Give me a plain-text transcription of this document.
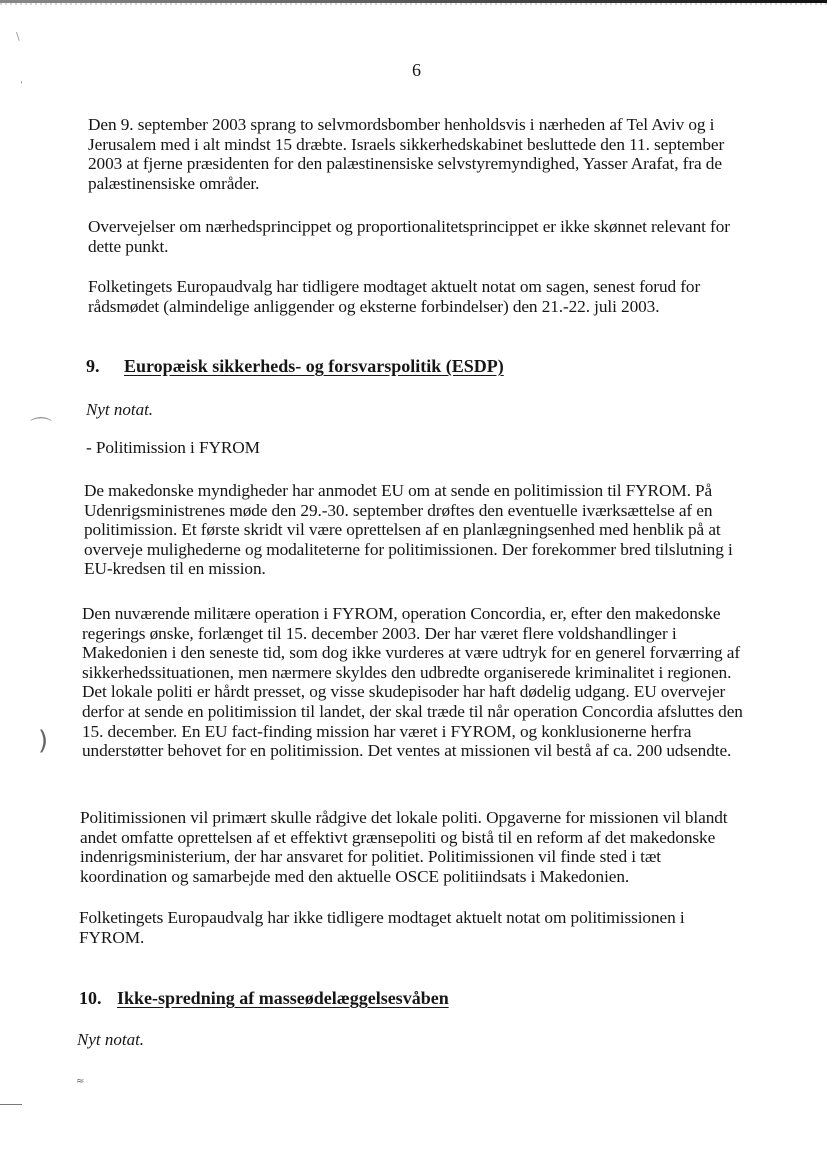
\
'
⌒
)
≈
6

Den 9. september 2003 sprang to selvmordsbomber henholdsvis i nærheden af Tel Aviv og i Jerusalem med i alt mindst 15 dræbte. Israels sikkerhedskabinet besluttede den 11. september 2003 at fjerne præsidenten for den palæstinensiske selvstyremyndighed, Yasser Arafat, fra de palæstinensiske områder.

Overvejelser om nærhedsprincippet og proportionalitetsprincippet er ikke skønnet relevant for dette punkt.

Folketingets Europaudvalg har tidligere modtaget aktuelt notat om sagen, senest forud for rådsmødet (almindelige anliggender og eksterne forbindelser) den 21.-22. juli 2003.

9. Europæisk sikkerheds- og forsvarspolitik (ESDP)

Nyt notat.

- Politimission i FYROM

De makedonske myndigheder har anmodet EU om at sende en politimission til FYROM. På Udenrigsministrenes møde den 29.-30. september drøftes den eventuelle iværksættelse af en politimission. Et første skridt vil være oprettelsen af en planlægningsenhed med henblik på at overveje mulighederne og modaliteterne for politimissionen. Der forekommer bred tilslutning i EU-kredsen til en mission.

Den nuværende militære operation i FYROM, operation Concordia, er, efter den makedonske regerings ønske, forlænget til 15. december 2003. Der har været flere voldshandlinger i Makedonien i den seneste tid, som dog ikke vurderes at være udtryk for en generel forværring af sikkerhedssituationen, men nærmere skyldes den udbredte organiserede kriminalitet i regionen. Det lokale politi er hårdt presset, og visse skudepisoder har haft dødelig udgang. EU overvejer derfor at sende en politimission til landet, der skal træde til når operation Concordia afsluttes den 15. december. En EU fact-finding mission har været i FYROM, og konklusionerne herfra understøtter behovet for en politimission. Det ventes at missionen vil bestå af ca. 200 udsendte.

Politimissionen vil primært skulle rådgive det lokale politi. Opgaverne for missionen vil blandt andet omfatte oprettelsen af et effektivt grænsepoliti og bistå til en reform af det makedonske indenrigsministerium, der har ansvaret for politiet. Politimissionen vil finde sted i tæt koordination og samarbejde med den aktuelle OSCE politiindsats i Makedonien.

Folketingets Europaudvalg har ikke tidligere modtaget aktuelt notat om politimissionen i FYROM.

10. Ikke-spredning af masseødelæggelsesvåben

Nyt notat.
